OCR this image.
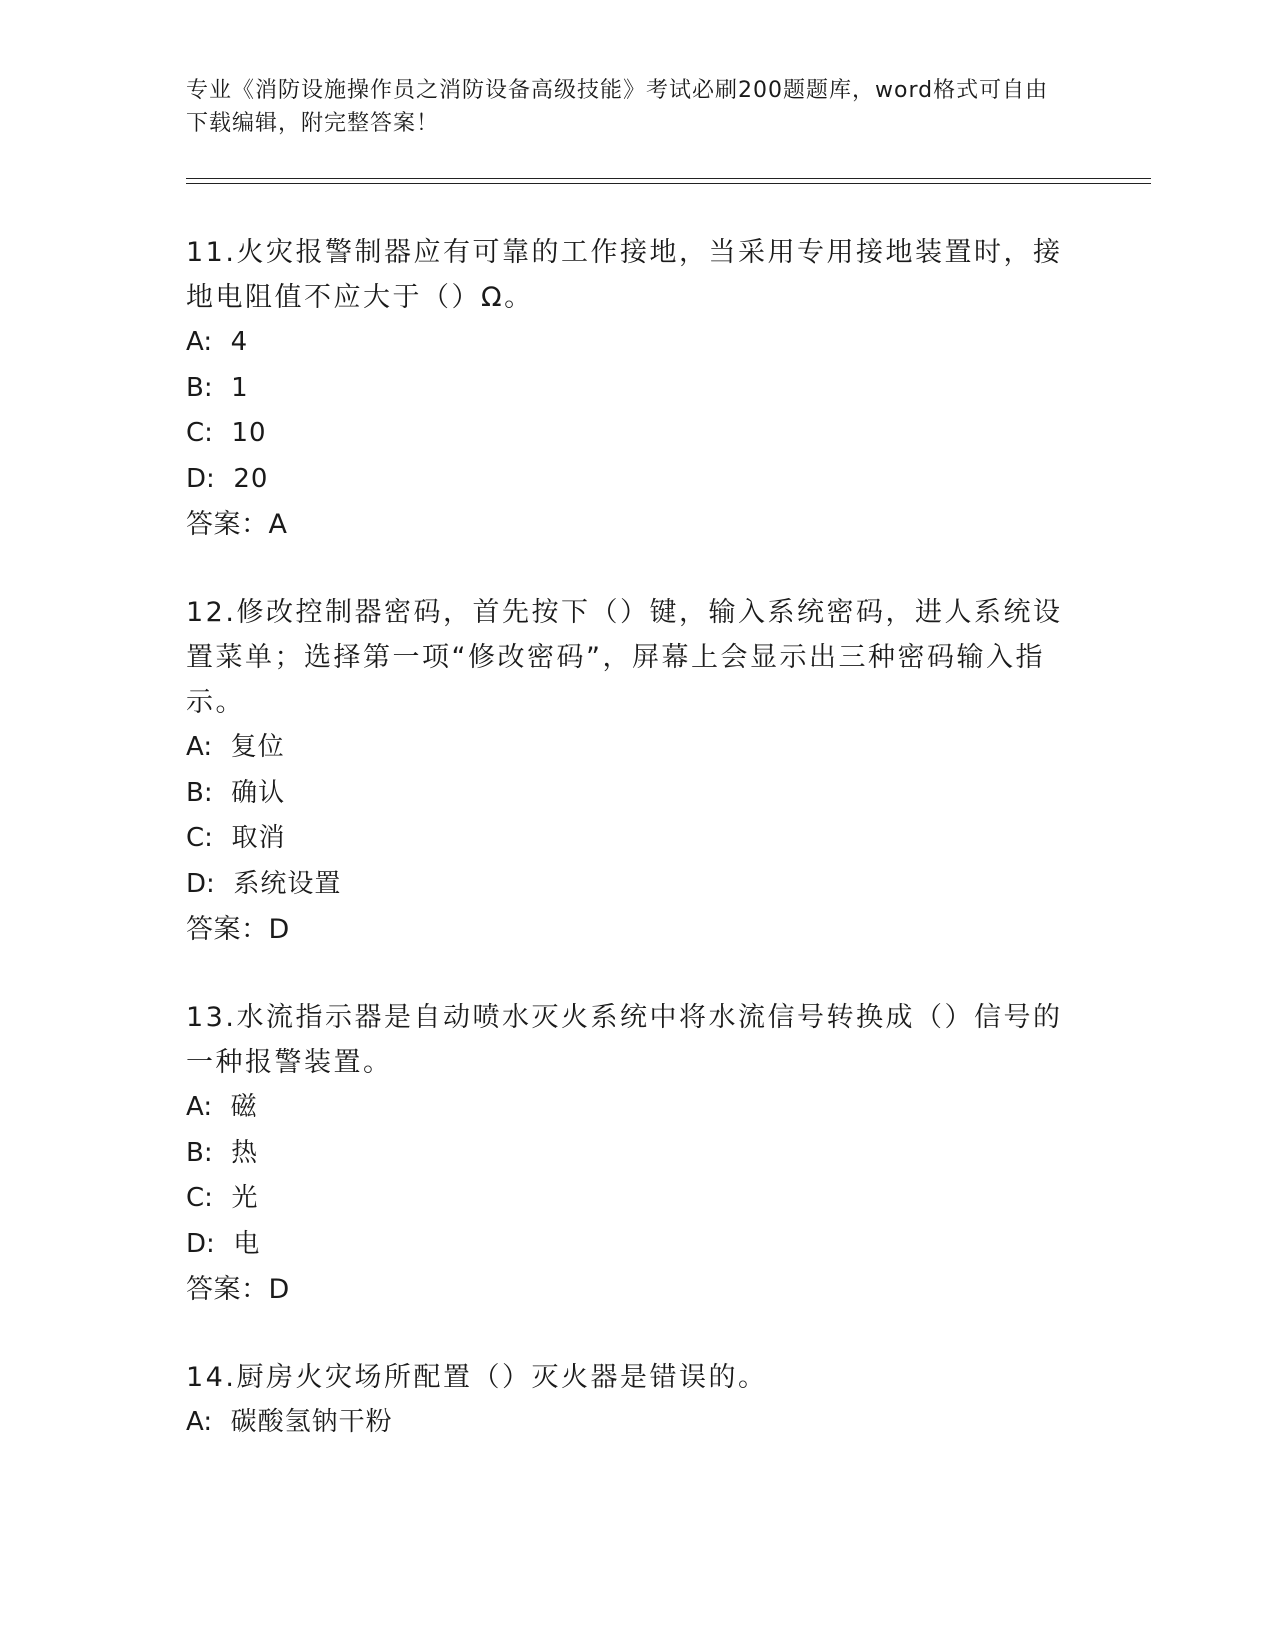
专业《消防设施操作员之消防设备高级技能》考试必刷200题题库，word格式可自由下载编辑，附完整答案！
11.火灾报警制器应有可靠的工作接地，当采用专用接地装置时，接地电阻值不应大于（）Ω。
A: 4
B: 1
C: 10
D: 20
答案：A
12.修改控制器密码，首先按下（）键，输入系统密码，进人系统设置菜单；选择第一项“修改密码”，屏幕上会显示出三种密码输入指示。
A: 复位
B: 确认
C: 取消
D: 系统设置
答案：D
13.水流指示器是自动喷水灭火系统中将水流信号转换成（）信号的一种报警装置。
A: 磁
B: 热
C: 光
D: 电
答案：D
14.厨房火灾场所配置（）灭火器是错误的。
A: 碳酸氢钠干粉
